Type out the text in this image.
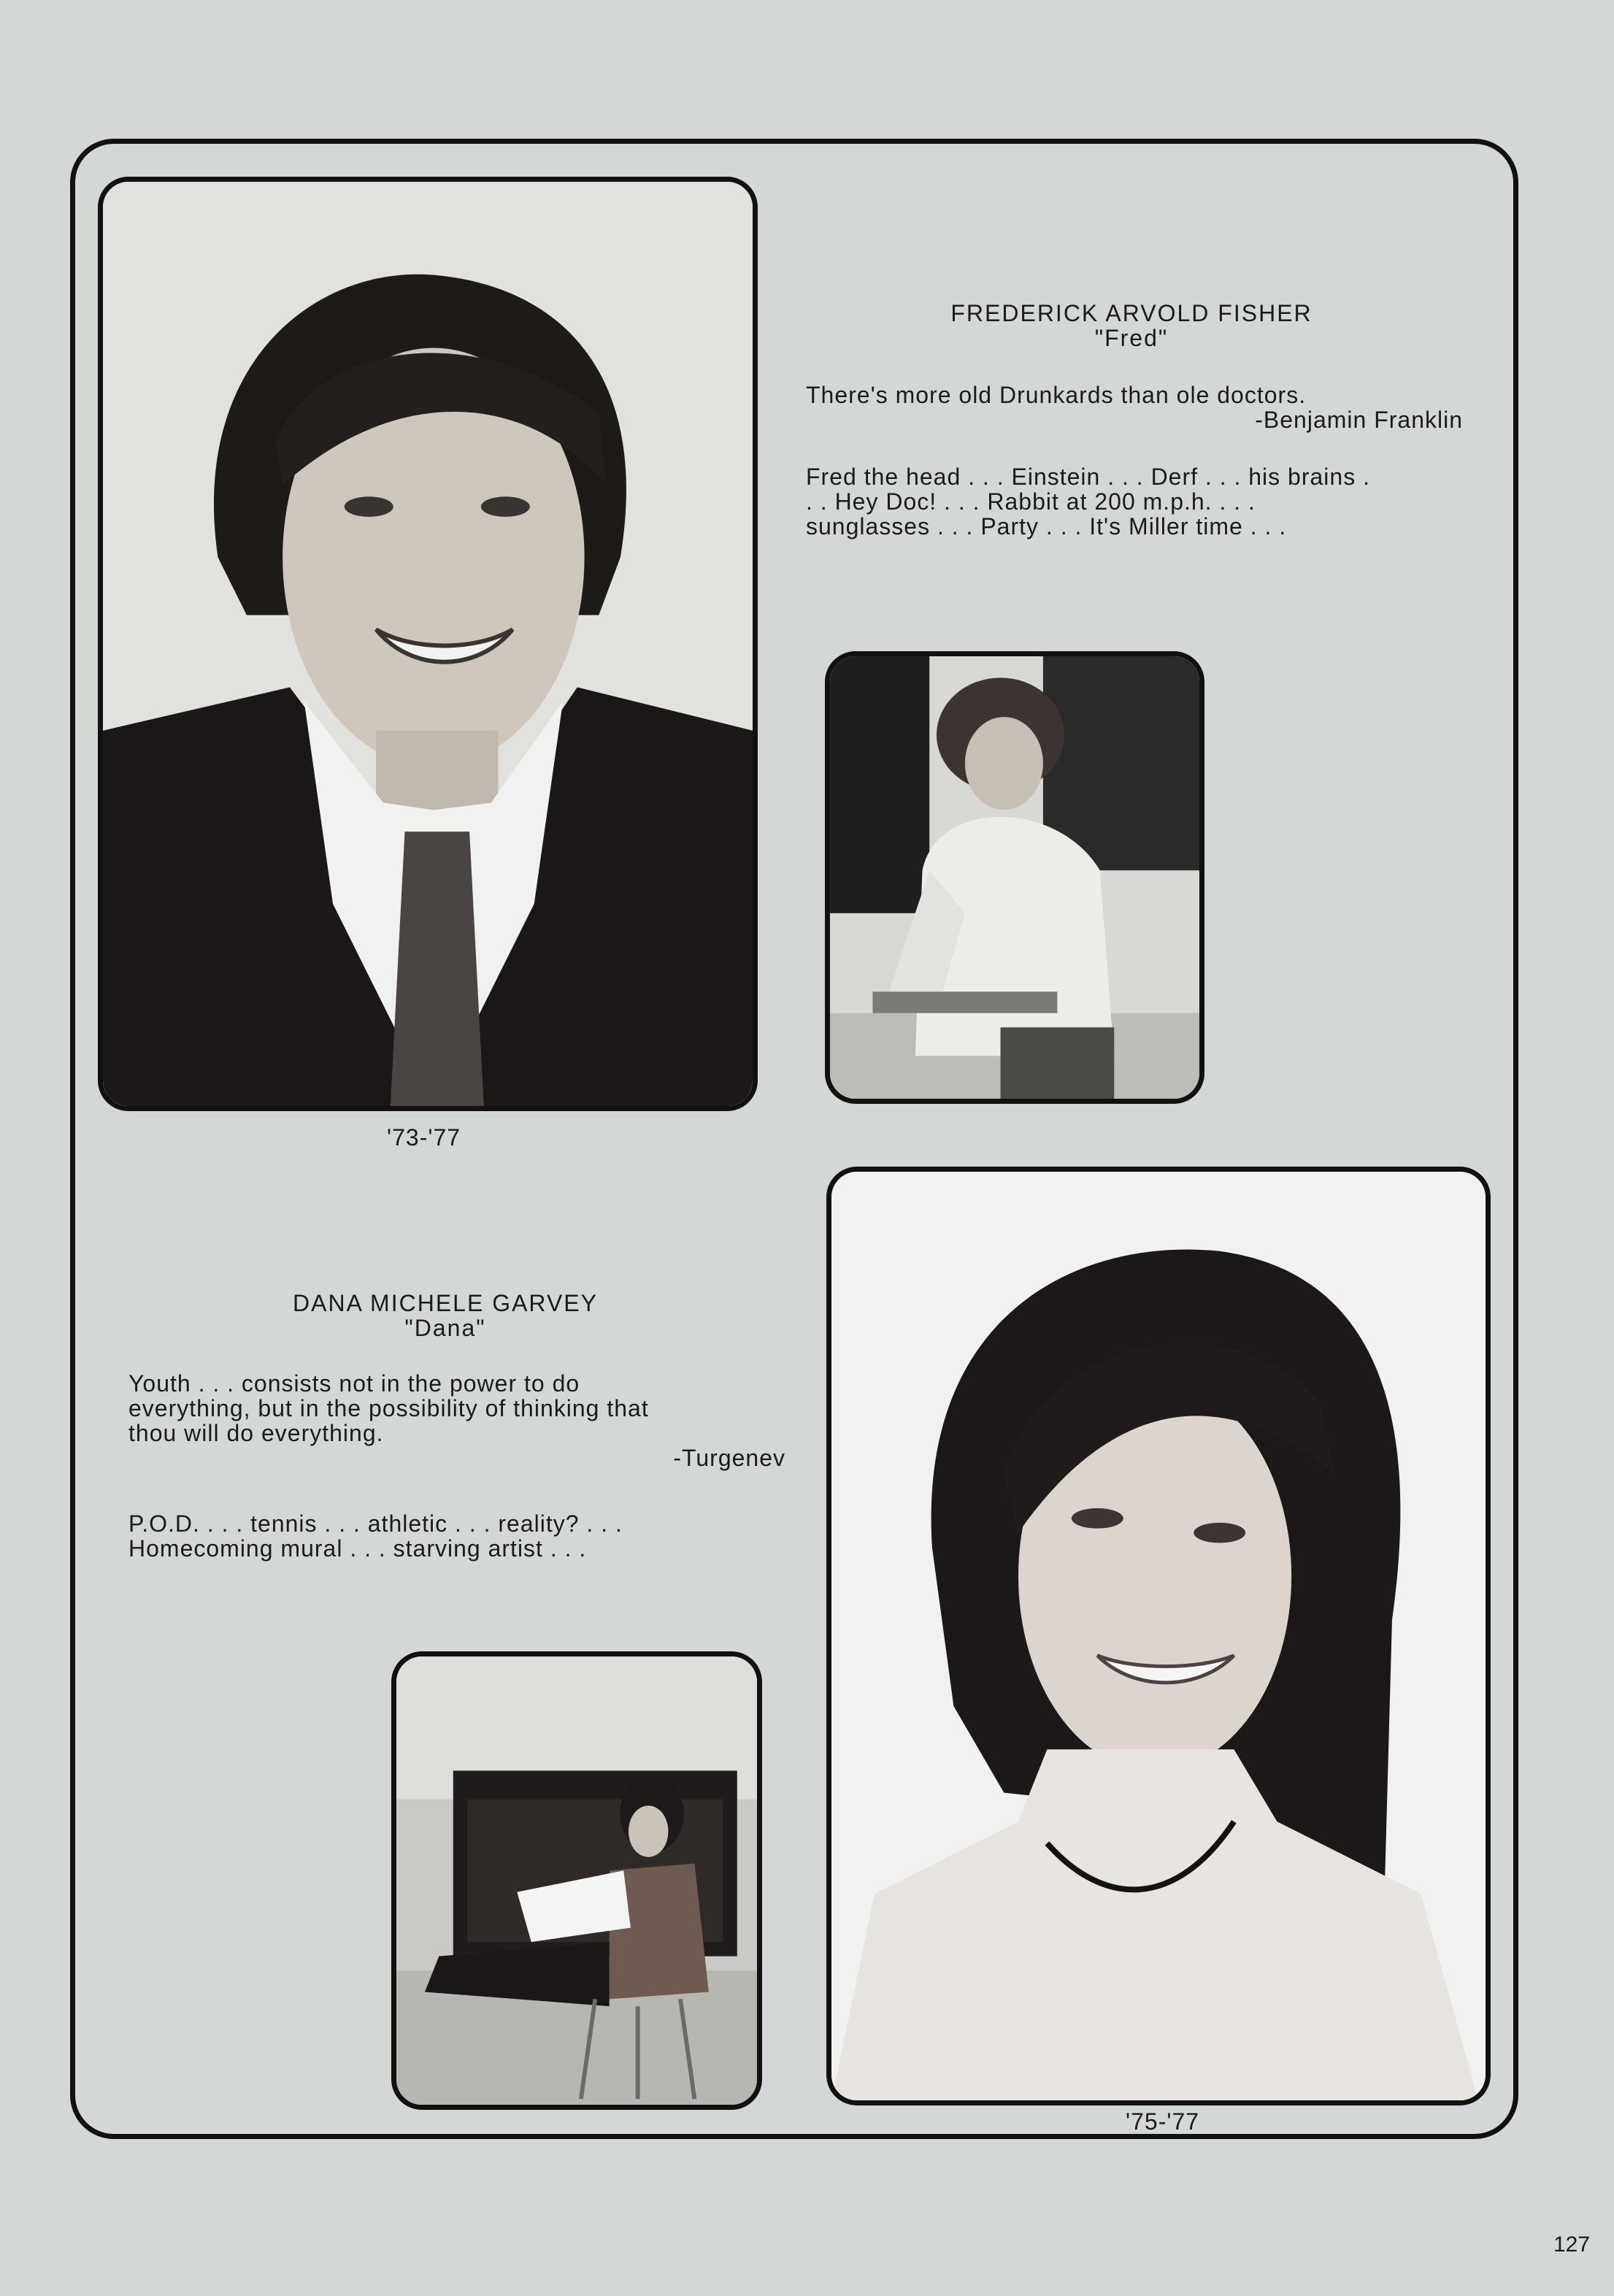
'73-'77
FREDERICK ARVOLD FISHER
"Fred"
There's more old Drunkards than ole doctors.
-Benjamin Franklin
Fred the head . . . Einstein . . . Derf . . . his brains .
. . Hey Doc! . . . Rabbit at 200 m.p.h. . . .
sunglasses . . . Party . . . It's Miller time . . .
'75-'77
DANA MICHELE GARVEY
"Dana"
Youth . . . consists not in the power to do
everything, but in the possibility of thinking that
thou will do everything.
-Turgenev
P.O.D. . . . tennis . . . athletic . . . reality? . . .
Homecoming mural . . . starving artist . . .
127
